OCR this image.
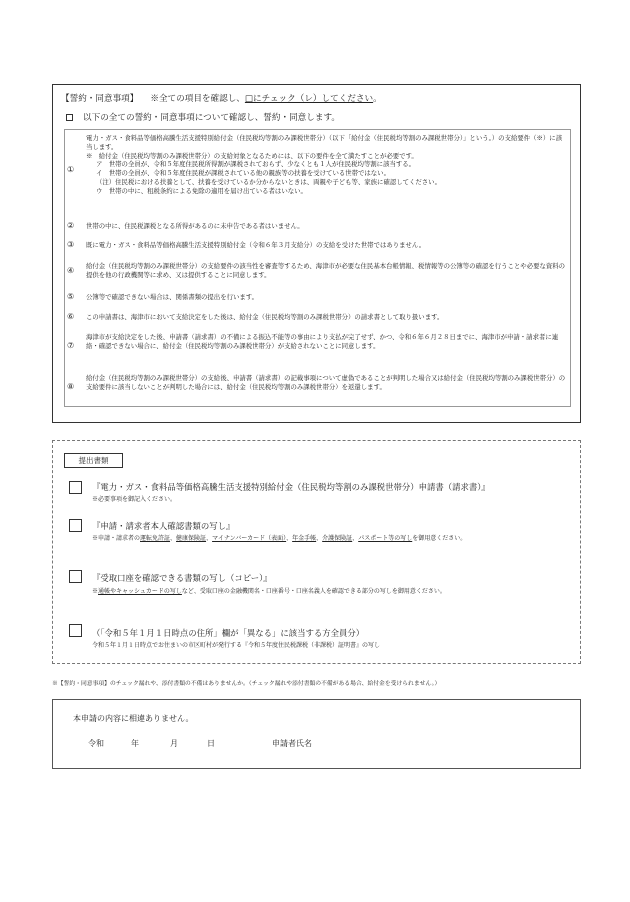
【誓約・同意事項】 ※全ての項目を確認し、□にチェック（レ）してください。
以下の全ての誓約・同意事項について確認し、誓約・同意します。
①
電力・ガス・食料品等価格高騰生活支援特別給付金（住民税均等割のみ課税世帯分）（以下「給付金（住民税均等割のみ課税世帯分）」という。）の支給要件（※）に該当します。
※　給付金（住民税均等割のみ課税世帯分）の支給対象となるためには、以下の要件を全て満たすことが必要です。
ア　世帯の全員が、令和５年度住民税所得割が課税されておらず、少なくとも１人が住民税均等割に該当する。
イ　世帯の全員が、令和５年度住民税が課税されている他の親族等の扶養を受けている世帯ではない。
（注）住民税における扶養として、扶養を受けているか分からないときは、両親や子ども等、家族に確認してください。
ウ　世帯の中に、租税条約による免除の適用を届け出ている者はいない。
② 世帯の中に、住民税課税となる所得があるのに未申告である者はいません。
③ 既に電力・ガス・食料品等価格高騰生活支援特別給付金（令和６年３月支給分）の支給を受けた世帯ではありません。
④ 給付金（住民税均等割のみ課税世帯分）の支給要件の該当性を審査等するため、海津市が必要な住民基本台帳情報、税情報等の公簿等の確認を行うことや必要な資料の提供を他の行政機関等に求め、又は提供することに同意します。
⑤ 公簿等で確認できない場合は、関係書類の提出を行います。
⑥ この申請書は、海津市において支給決定をした後は、給付金（住民税均等割のみ課税世帯分）の請求書として取り扱います。
⑦
海津市が支給決定をした後、申請書（請求書）の不備による振込不能等の事由により支払が完了せず、かつ、令和６年６月２８日までに、海津市が申請・請求者に連絡・確認できない場合に、給付金（住民税均等割のみ課税世帯分）が支給されないことに同意します。
⑧
給付金（住民税均等割のみ課税世帯分）の支給後、申請書（請求書）の記載事項について虚偽であることが判明した場合又は給付金（住民税均等割のみ課税世帯分）の支給要件に該当しないことが判明した場合には、給付金（住民税均等割のみ課税世帯分）を返還します。
提出書類
『電力・ガス・食料品等価格高騰生活支援特別給付金（住民税均等割のみ課税世帯分）申請書（請求書）』
※必要事項を御記入ください。
『申請・請求者本人確認書類の写し』
※申請・請求者の運転免許証、健康保険証、マイナンバーカード（表面）、年金手帳、介護保険証、パスポート等の写しを御用意ください。
『受取口座を確認できる書類の写し（コピー）』
※通帳やキャッシュカードの写しなど、受取口座の金融機関名・口座番号・口座名義人を確認できる部分の写しを御用意ください。
（「令和５年１月１日時点の住所」欄が「異なる」に該当する方全員分）
令和５年１月１日時点でお住まいの市区町村が発行する『令和５年度住民税課税（非課税）証明書』の写し
※【誓約・同意事項】のチェック漏れや、添付書類の不備はありませんか。（チェック漏れや添付書類の不備がある場合、給付金を受けられません。）
本申請の内容に相違ありません。
令和	年	月	日	申請者氏名
